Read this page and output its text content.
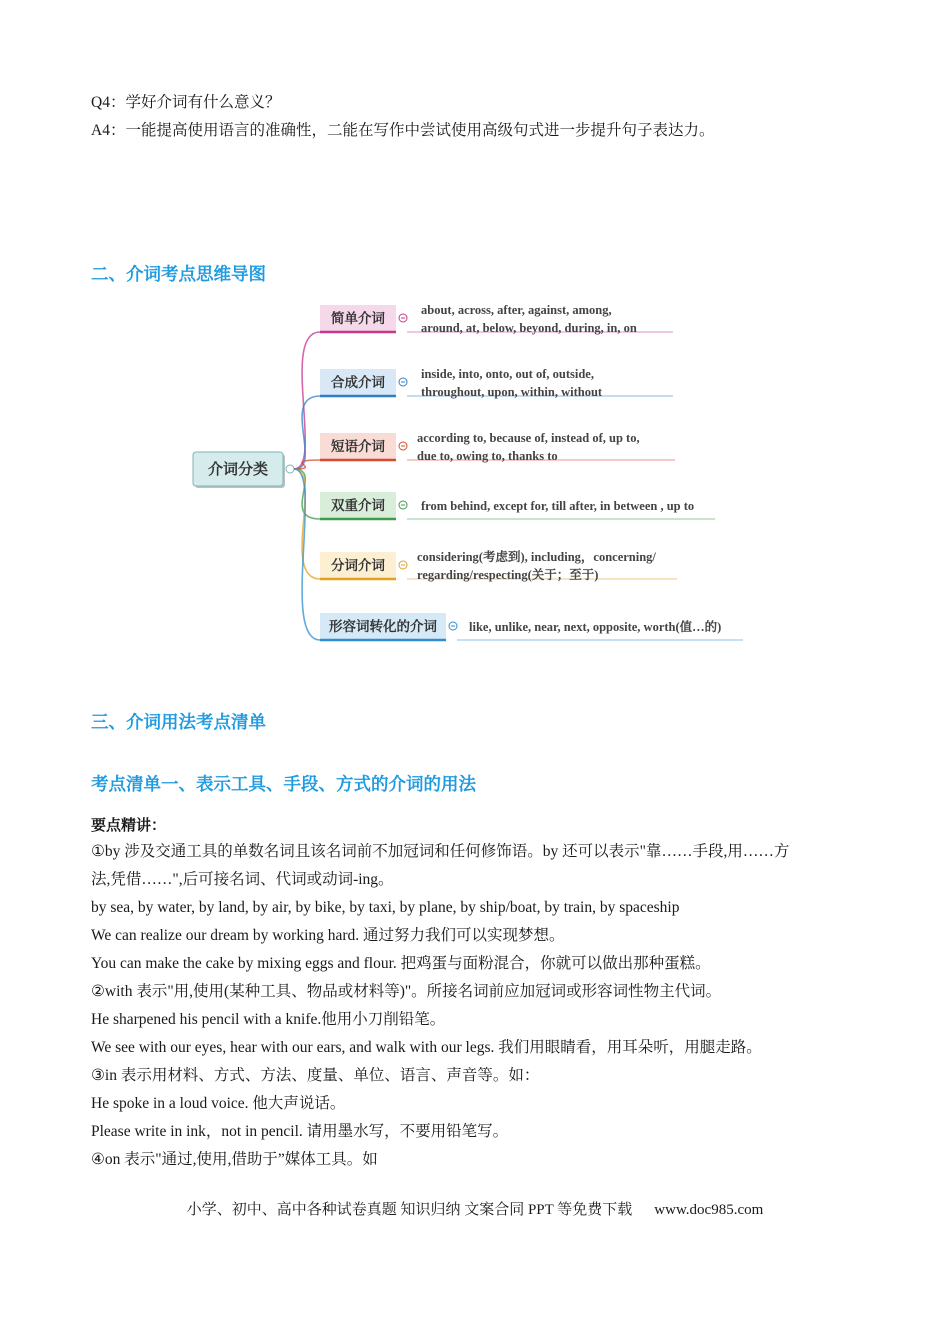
Q4：学好介词有什么意义？
A4：一能提高使用语言的准确性，二能在写作中尝试使用高级句式进一步提升句子表达力。
二、介词考点思维导图
介词分类
简单介词
about, across, after, against, among,
around, at, below, beyond, during, in, on
合成介词
inside, into, onto, out of, outside,
throughout, upon, within, without
短语介词
according to, because of, instead of, up to,
due to, owing to, thanks to
双重介词	from behind, except for, till after, in between , up to
分词介词
considering(考虑到), including，concerning/
regarding/respecting(关于；至于)
形容词转化的介词	like, unlike, near, next, opposite, worth(值…的)
三、介词用法考点清单
考点清单一、表示工具、手段、方式的介词的用法
要点精讲：
①by 涉及交通工具的单数名词且该名词前不加冠词和任何修饰语。by 还可以表示"靠……手段,用……方
法,凭借……",后可接名词、代词或动词-ing。
by sea, by water, by land, by air, by bike, by taxi, by plane, by ship/boat, by train, by spaceship
We can realize our dream by working hard. 通过努力我们可以实现梦想。
You can make the cake by mixing eggs and flour. 把鸡蛋与面粉混合，你就可以做出那种蛋糕。
②with 表示"用,使用(某种工具、物品或材料等)"。所接名词前应加冠词或形容词性物主代词。
He sharpened his pencil with a knife.他用小刀削铅笔。
We see with our eyes, hear with our ears, and walk with our legs. 我们用眼睛看，用耳朵听，用腿走路。
③in 表示用材料、方式、方法、度量、单位、语言、声音等。如：
He spoke in a loud voice. 他大声说话。
Please write in ink，not in pencil. 请用墨水写，不要用铅笔写。
④on 表示"通过,使用,借助于”媒体工具。如
小学、初中、高中各种试卷真题 知识归纳 文案合同 PPT 等免费下载 www.doc985.com
